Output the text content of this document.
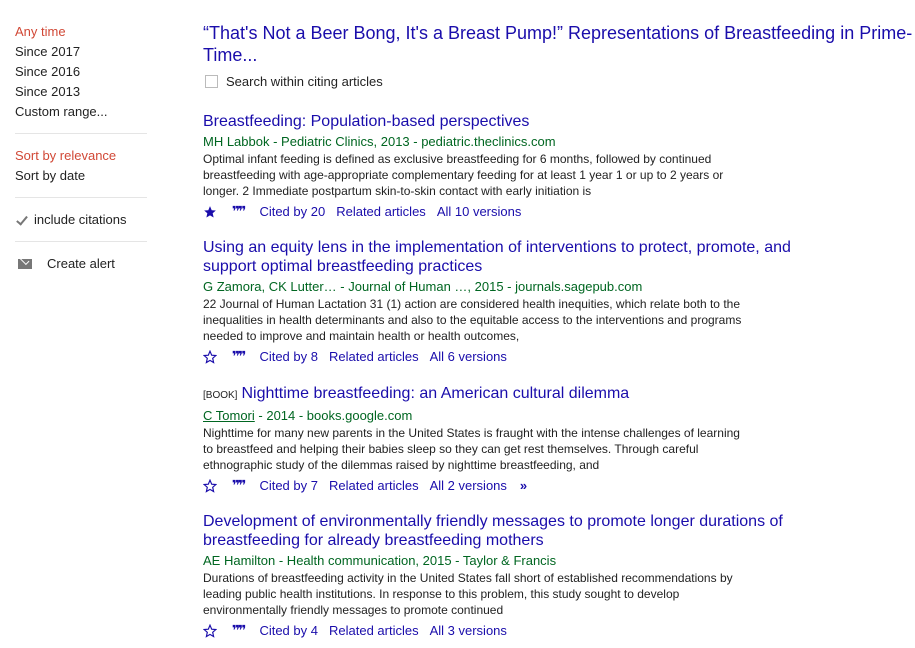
Any time
Since 2017
Since 2016
Since 2013
Custom range...
Sort by relevance
Sort by date
include citations
Create alert
“That's Not a Beer Bong, It's a Breast Pump!” Representations of Breastfeeding in Prime-Time...
Search within citing articles
Breastfeeding: Population-based perspectives
MH Labbok - Pediatric Clinics, 2013 - pediatric.theclinics.com
Optimal infant feeding is defined as exclusive breastfeeding for 6 months, followed by continued breastfeeding with age-appropriate complementary feeding for at least 1 year 1 or up to 2 years or longer. 2 Immediate postpartum skin-to-skin contact with early initiation is
❞❞ Cited by 20 Related articles All 10 versions
Using an equity lens in the implementation of interventions to protect, promote, and support optimal breastfeeding practices
G Zamora, CK Lutter… - Journal of Human …, 2015 - journals.sagepub.com
22 Journal of Human Lactation 31 (1) action are considered health inequities, which relate both to the inequalities in health determinants and also to the equitable access to the interventions and programs needed to improve and maintain health or health outcomes,
❞❞ Cited by 8 Related articles All 6 versions
[BOOK] Nighttime breastfeeding: an American cultural dilemma
C Tomori - 2014 - books.google.com
Nighttime for many new parents in the United States is fraught with the intense challenges of learning to breastfeed and helping their babies sleep so they can get rest themselves. Through careful ethnographic study of the dilemmas raised by nighttime breastfeeding, and
❞❞ Cited by 7 Related articles All 2 versions »
Development of environmentally friendly messages to promote longer durations of breastfeeding for already breastfeeding mothers
AE Hamilton - Health communication, 2015 - Taylor & Francis
Durations of breastfeeding activity in the United States fall short of established recommendations by leading public health institutions. In response to this problem, this study sought to develop environmentally friendly messages to promote continued
❞❞ Cited by 4 Related articles All 3 versions
